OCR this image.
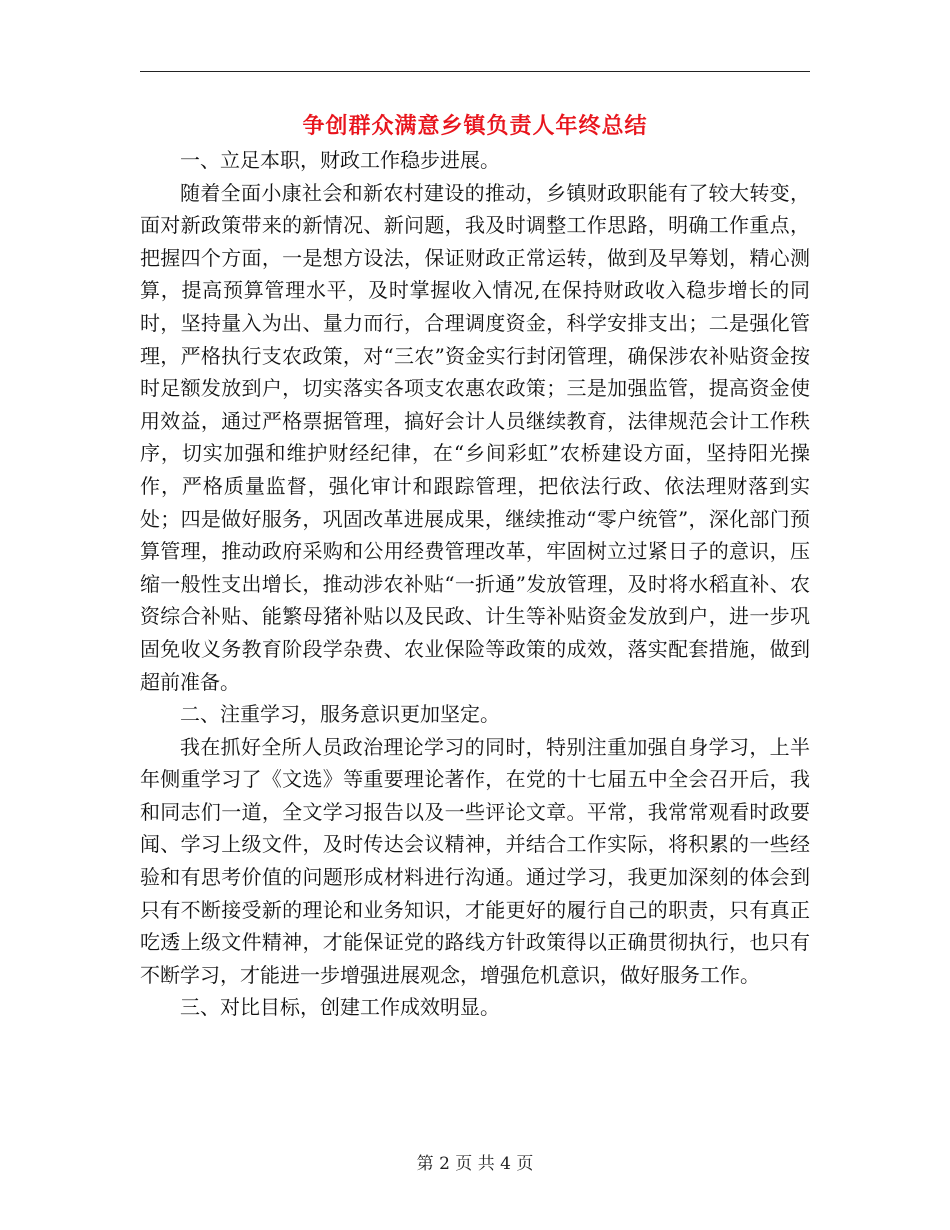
争创群众满意乡镇负责人年终总结

一、立足本职，财政工作稳步进展。

随着全面小康社会和新农村建设的推动，乡镇财政职能有了较大转变，面对新政策带来的新情况、新问题，我及时调整工作思路，明确工作重点，把握四个方面，一是想方设法，保证财政正常运转，做到及早筹划，精心测算，提高预算管理水平，及时掌握收入情况,在保持财政收入稳步增长的同时，坚持量入为出、量力而行，合理调度资金，科学安排支出；二是强化管理，严格执行支农政策，对“三农”资金实行封闭管理，确保涉农补贴资金按时足额发放到户，切实落实各项支农惠农政策；三是加强监管，提高资金使用效益，通过严格票据管理，搞好会计人员继续教育，法律规范会计工作秩序，切实加强和维护财经纪律，在“乡间彩虹”农桥建设方面，坚持阳光操作，严格质量监督，强化审计和跟踪管理，把依法行政、依法理财落到实处；四是做好服务，巩固改革进展成果，继续推动“零户统管”，深化部门预算管理，推动政府采购和公用经费管理改革，牢固树立过紧日子的意识，压缩一般性支出增长，推动涉农补贴“一折通”发放管理，及时将水稻直补、农资综合补贴、能繁母猪补贴以及民政、计生等补贴资金发放到户，进一步巩固免收义务教育阶段学杂费、农业保险等政策的成效，落实配套措施，做到超前准备。

二、注重学习，服务意识更加坚定。

我在抓好全所人员政治理论学习的同时，特别注重加强自身学习，上半年侧重学习了《文选》等重要理论著作，在党的十七届五中全会召开后，我和同志们一道，全文学习报告以及一些评论文章。平常，我常常观看时政要闻、学习上级文件，及时传达会议精神，并结合工作实际，将积累的一些经验和有思考价值的问题形成材料进行沟通。通过学习，我更加深刻的体会到只有不断接受新的理论和业务知识，才能更好的履行自己的职责，只有真正吃透上级文件精神，才能保证党的路线方针政策得以正确贯彻执行，也只有不断学习，才能进一步增强进展观念，增强危机意识，做好服务工作。

三、对比目标，创建工作成效明显。

第 2 页 共 4 页
